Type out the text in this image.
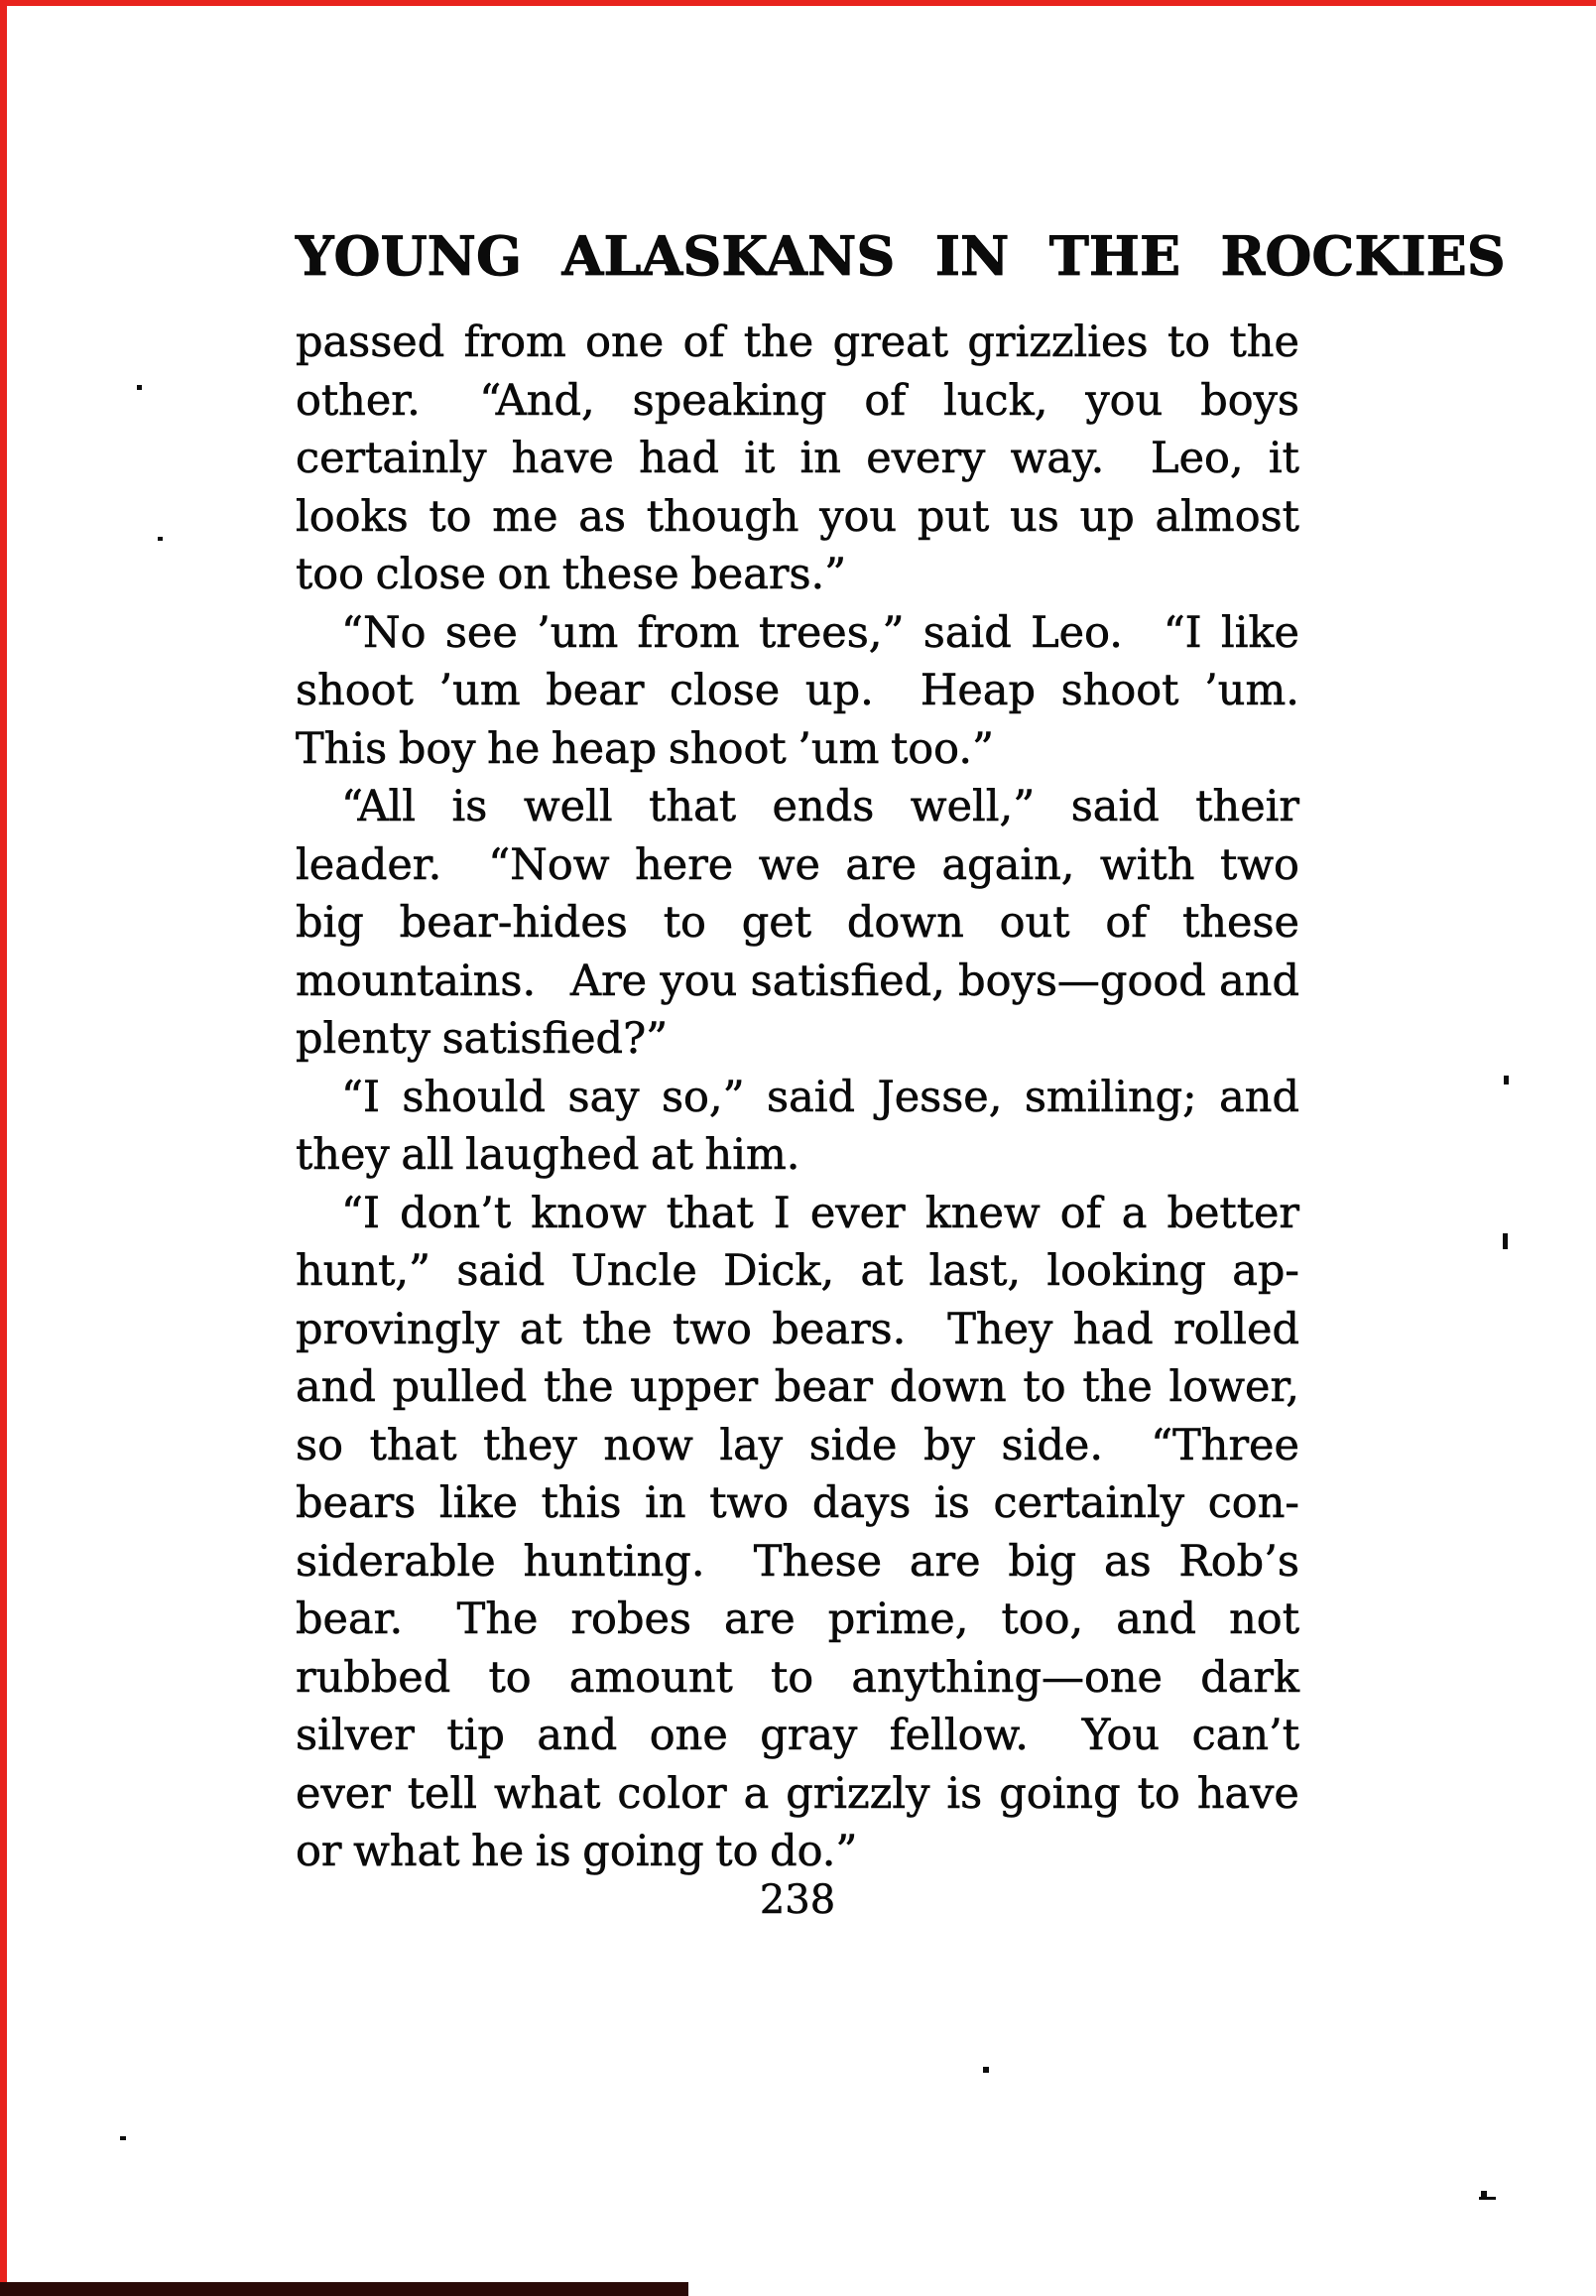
YOUNG ALASKANS IN THE ROCKIES
passed from one of the great grizzlies to the
other.  “And, speaking of luck, you boys
certainly have had it in every way.  Leo, it
looks to me as though you put us up almost
too close on these bears.”
“No see ’um from trees,” said Leo.  “I like
shoot ’um bear close up.  Heap shoot ’um.
This boy he heap shoot ’um too.”
“All is well that ends well,” said their
leader.  “Now here we are again, with two
big bear-hides to get down out of these
mountains.  Are you satisfied, boys—good and
plenty satisfied?”
“I should say so,” said Jesse, smiling; and
they all laughed at him.
“I don’t know that I ever knew of a better
hunt,” said Uncle Dick, at last, looking ap-
provingly at the two bears.  They had rolled
and pulled the upper bear down to the lower,
so that they now lay side by side.  “Three
bears like this in two days is certainly con-
siderable hunting.  These are big as Rob’s
bear.  The robes are prime, too, and not
rubbed to amount to anything—one dark
silver tip and one gray fellow.  You can’t
ever tell what color a grizzly is going to have
or what he is going to do.”
238
